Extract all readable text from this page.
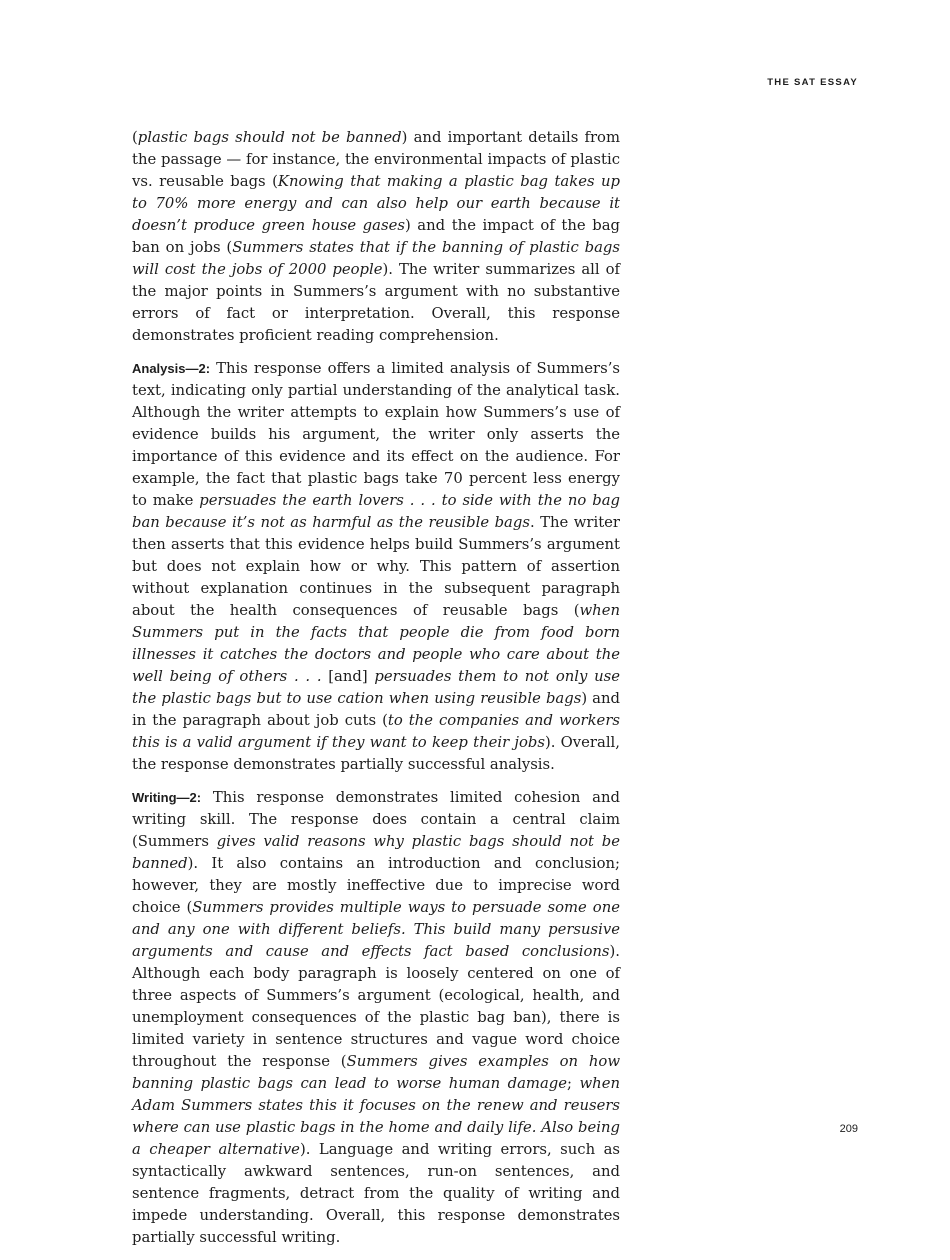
THE SAT ESSAY

(plastic bags should not be banned) and important details from the passage — for instance, the environmental impacts of plastic vs. reusable bags (Knowing that making a plastic bag takes up to 70% more energy and can also help our earth because it doesn’t produce green house gases) and the impact of the bag ban on jobs (Summers states that if the banning of plastic bags will cost the jobs of 2000 people). The writer summarizes all of the major points in Summers’s argument with no substantive errors of fact or interpretation. Overall, this response demonstrates proficient reading comprehension.

Analysis—2: This response offers a limited analysis of Summers’s text, indicating only partial understanding of the analytical task. Although the writer attempts to explain how Summers’s use of evidence builds his argument, the writer only asserts the importance of this evidence and its effect on the audience. For example, the fact that plastic bags take 70 percent less energy to make persuades the earth lovers . . . to side with the no bag ban because it’s not as harmful as the reusible bags. The writer then asserts that this evidence helps build Summers’s argument but does not explain how or why. This pattern of assertion without explanation continues in the subsequent paragraph about the health consequences of reusable bags (when Summers put in the facts that people die from food born illnesses it catches the doctors and people who care about the well being of others . . . [and] persuades them to not only use the plastic bags but to use cation when using reusible bags) and in the paragraph about job cuts (to the companies and workers this is a valid argument if they want to keep their jobs). Overall, the response demonstrates partially successful analysis.

Writing—2: This response demonstrates limited cohesion and writing skill. The response does contain a central claim (Summers gives valid reasons why plastic bags should not be banned). It also contains an introduction and conclusion; however, they are mostly ineffective due to imprecise word choice (Summers provides multiple ways to persuade some one and any one with different beliefs. This build many persusive arguments and cause and effects fact based conclusions). Although each body paragraph is loosely centered on one of three aspects of Summers’s argument (ecological, health, and unemployment consequences of the plastic bag ban), there is limited variety in sentence structures and vague word choice throughout the response (Summers gives examples on how banning plastic bags can lead to worse human damage; when Adam Summers states this it focuses on the renew and reusers where can use plastic bags in the home and daily life. Also being a cheaper alternative). Language and writing errors, such as syntactically awkward sentences, run-on sentences, and sentence fragments, detract from the quality of writing and impede understanding. Overall, this response demonstrates partially successful writing.

209
